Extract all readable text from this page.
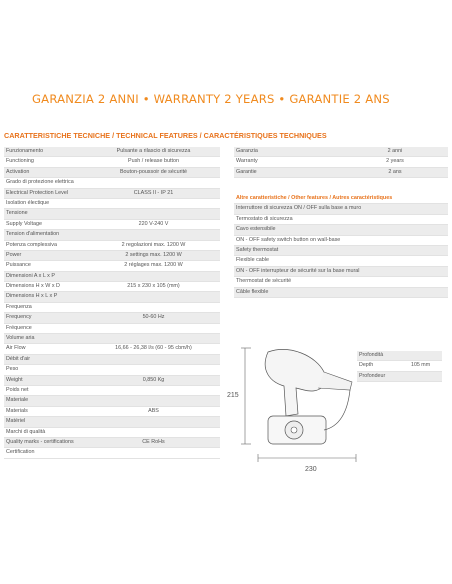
GARANZIA 2 ANNI • WARRANTY 2 YEARS • GARANTIE 2 ANS
CARATTERISTICHE TECNICHE / TECHNICAL FEATURES / CARACTÉRISTIQUES TECHNIQUES
Funzionamento	Pulsante a rilascio di sicurezza
Functioning	Push / release button
Activation	Bouton-poussoir de sécurité
Grado di protezione elettrica
Electrical Protection Level	CLASS II - IP 21
Isolation électique
Tensione
Supply Voltage	220 V-240 V
Tension d'alimentation
Potenza complessiva	2 regolazioni max. 1200 W
Power	2 settings max. 1200 W
Puissance	2 réglages max. 1200 W
Dimensioni A x L x P
Dimensions H x W x D	215 x 230 x 105 (mm)
Dimensions H x L x P
Frequenza
Frequency	50-60 Hz
Fréquence
Volume aria
Air Flow	16,66 - 26,38 l/s (60 - 95 cbm/h)
Débit d'air
Peso
Weight	0,850 Kg
Poids net
Materiale
Materials	ABS
Matériel
Marchi di qualità
Quality marks - certifications	CE RoHs
Certification
Garanzia	2 anni
Warranty	2 years
Garantie	2 ans
Altre caratteristiche / Other features / Autres caractéristiques
Interruttore di sicurezza ON / OFF sulla base a muro
Termostato di sicurezza
Cavo estensibile
ON - OFF safety switch button on wall-base
Safety thermostat
Flexible cable
ON - OFF interrupteur de sécurité sur la base mural
Thermostat de sécurité
Câble flexible
Profondità
Depth	105 mm
Profondeur
215
230
